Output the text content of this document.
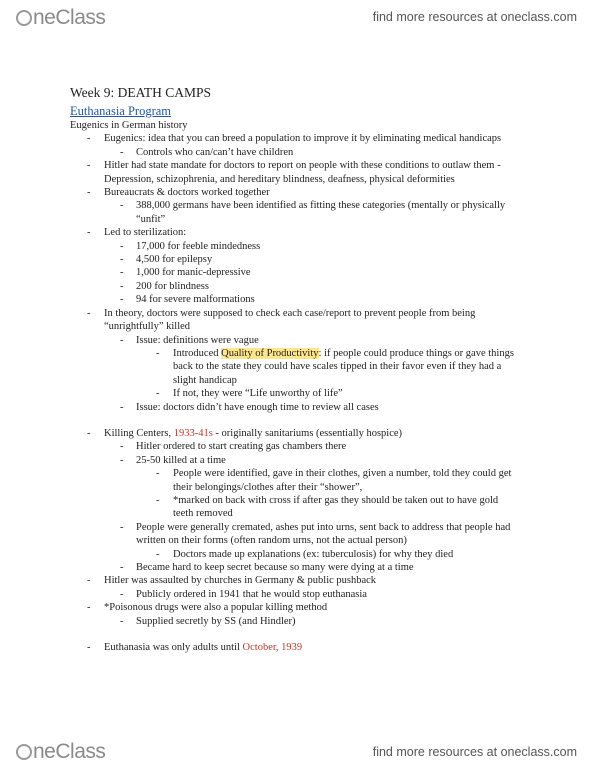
neClass	find more resources at oneclass.com
Week 9: DEATH CAMPS
Euthanasia Program
Eugenics in German history
- Eugenics: idea that you can breed a population to improve it by eliminating medical handicaps
- Controls who can/can’t have children
- Hitler had state mandate for doctors to report on people with these conditions to outlaw them -
Depression, schizophrenia, and hereditary blindness, deafness, physical deformities
- Bureaucrats & doctors worked together
- 388,000 germans have been identified as fitting these categories (mentally or physically
“unfit”
- Led to sterilization:
- 17,000 for feeble mindedness
- 4,500 for epilepsy
- 1,000 for manic-depressive
- 200 for blindness
- 94 for severe malformations
- In theory, doctors were supposed to check each case/report to prevent people from being
“unrightfully” killed
- Issue: definitions were vague
- Introduced Quality of Productivity: if people could produce things or gave things
back to the state they could have scales tipped in their favor even if they had a
slight handicap
- If not, they were “Life unworthy of life”
- Issue: doctors didn’t have enough time to review all cases
- Killing Centers, 1933-41s - originally sanitariums (essentially hospice)
- Hitler ordered to start creating gas chambers there
- 25-50 killed at a time
- People were identified, gave in their clothes, given a number, told they could get
their belongings/clothes after their “shower”,
- *marked on back with cross if after gas they should be taken out to have gold
teeth removed
- People were generally cremated, ashes put into urns, sent back to address that people had
written on their forms (often random urns, not the actual person)
- Doctors made up explanations (ex: tuberculosis) for why they died
- Became hard to keep secret because so many were dying at a time
- Hitler was assaulted by churches in Germany & public pushback
- Publicly ordered in 1941 that he would stop euthanasia
- *Poisonous drugs were also a popular killing method
- Supplied secretly by SS (and Hindler)
- Euthanasia was only adults until October, 1939
neClass	find more resources at oneclass.com
